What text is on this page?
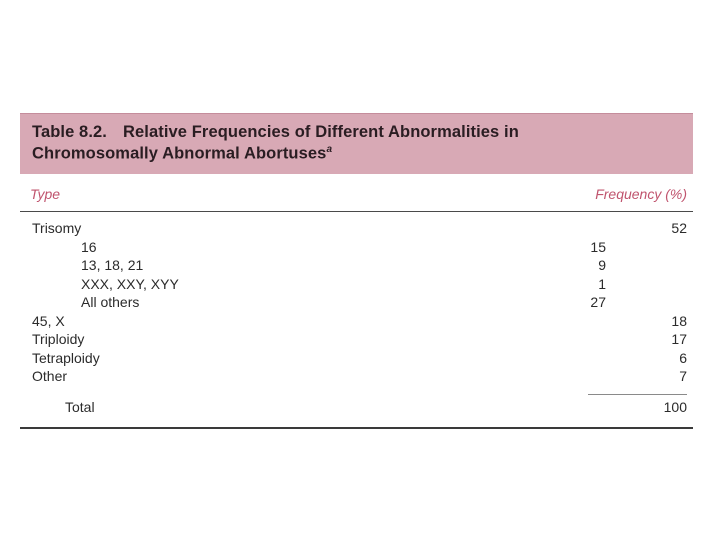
Table 8.2. Relative Frequencies of Different Abnormalities in
Chromosomally Abnormal Abortuses$^a$
Type	Frequency (%)
Trisomy	52
16	15
13, 18, 21	9
XXX, XXY, XYY	1
All others	27
45, X	18
Triploidy	17
Tetraploidy	6
Other	7
Total	100
